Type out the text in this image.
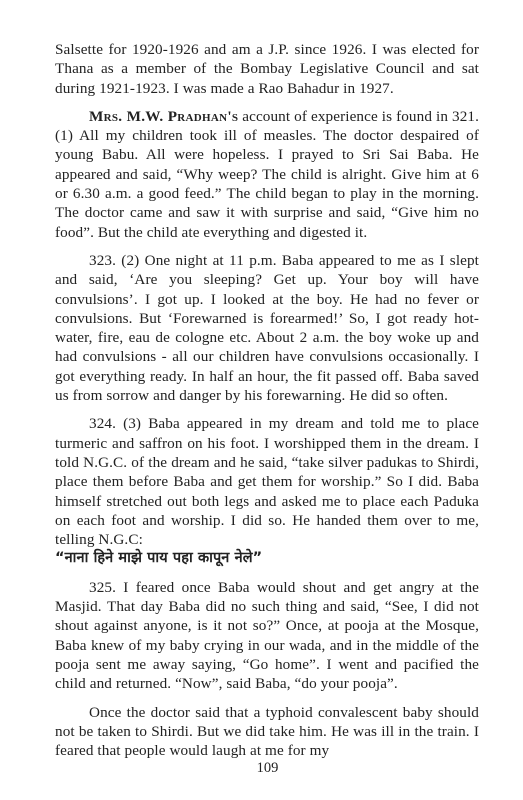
Salsette for 1920-1926 and am a J.P. since 1926. I was elected for Thana as a member of the Bombay Legislative Council and sat during 1921-1923. I was made a Rao Bahadur in 1927.

Mrs. M.W. Pradhan's account of experience is found in 321. (1) All my children took ill of measles. The doctor despaired of young Babu. All were hopeless. I prayed to Sri Sai Baba. He appeared and said, “Why weep? The child is alright. Give him at 6 or 6.30 a.m. a good feed.” The child began to play in the morning. The doctor came and saw it with surprise and said, “Give him no food”. But the child ate everything and digested it.

323. (2) One night at 11 p.m. Baba appeared to me as I slept and said, ‘Are you sleeping? Get up. Your boy will have convulsions’. I got up. I looked at the boy. He had no fever or convulsions. But ‘Forewarned is forearmed!’ So, I got ready hot-water, fire, eau de cologne etc. About 2 a.m. the boy woke up and had convulsions - all our children have convulsions occasionally. I got everything ready. In half an hour, the fit passed off. Baba saved us from sorrow and danger by his forewarning. He did so often.

324. (3) Baba appeared in my dream and told me to place turmeric and saffron on his foot. I worshipped them in the dream. I told N.G.C. of the dream and he said, “take silver padukas to Shirdi, place them before Baba and get them for worship.” So I did. Baba himself stretched out both legs and asked me to place each Paduka on each foot and worship. I did so. He handed them over to me, telling N.G.C:
“नाना हिने माझे पाय पहा कापून नेले”

325. I feared once Baba would shout and get angry at the Masjid. That day Baba did no such thing and said, “See, I did not shout against anyone, is it not so?” Once, at pooja at the Mosque, Baba knew of my baby crying in our wada, and in the middle of the pooja sent me away saying, “Go home”. I went and pacified the child and returned. “Now”, said Baba, “do your pooja”.

Once the doctor said that a typhoid convalescent baby should not be taken to Shirdi. But we did take him. He was ill in the train. I feared that people would laugh at me for my

109
